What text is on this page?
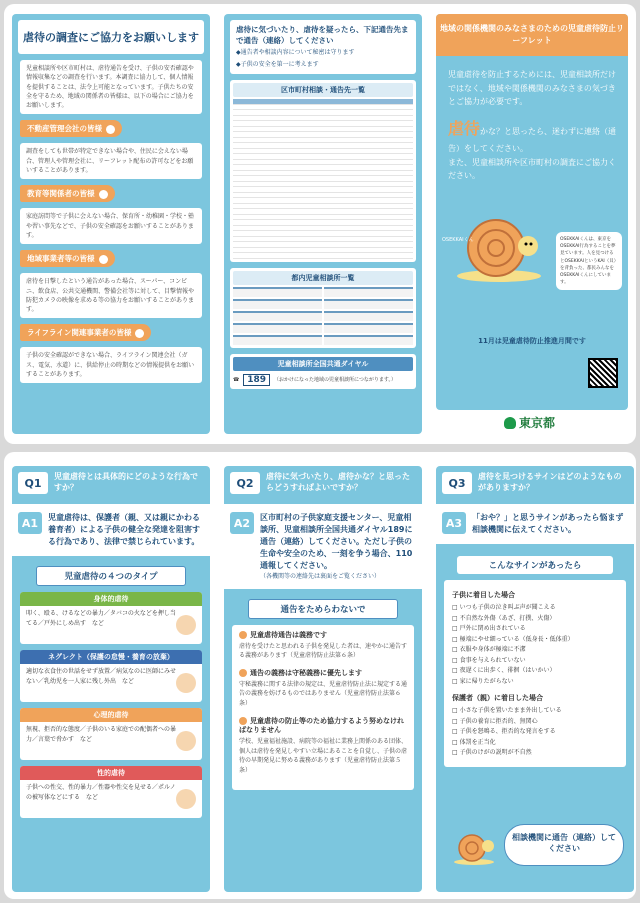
虐待の調査にご協力をお願いします
児童相談所や区市町村は、虐待通告を受け、子供の安否確認や情報収集などの調査を行います。本調査に協力して、個人情報を提供することは、法令上可能となっています。子供たちの安全を守るため、地域の関係者の皆様は、以下の場合にご協力をお願いします。
不動産管理会社の皆様
調査をしても世帯が特定できない場合や、住民に会えない場合、管理人や管理会社に、リーフレット配布の許可などをお願いすることがあります。
教育等関係者の皆様
家庭訪問等で子供に会えない場合、保育所・幼稚園・学校・塾や習い事先などで、子供の安全確認をお願いすることがあります。
地域事業者等の皆様
虐待を日撃したという通告があった場合、スーパー、コンビニ、飲食店、公共交通機関、警備会社等に対して、目撃情報や防犯カメラの映像を求める等の協力をお願いすることがあります。
ライフライン関連事業者の皆様
子供の安全確認ができない場合、ライフライン関連会社（ガス、電気、水道）に、供給停止の時期などの情報提供をお願いすることがあります。
虐待に気づいたり、虐待を疑ったら、下記通告先まで通告（連絡）してください
◆通告者や相談内容について秘密は守ります
◆子供の安全を第一に考えます
区市町村相談・通告先一覧
都内児童相談所一覧
児童相談所全国共通ダイヤル
☎ 189	（おかけになった地域の児童相談所につながります。）
地域の関係機関のみなさまのための児童虐待防止リーフレット
児童虐待を防止するためには、児童相談所だけではなく、地域や関係機関のみなさまの気づきとご協力が必要です。
虐待かな？と思ったら、迷わずに連絡（通告）をしてください。
また、児童相談所や区市町村の調査にご協力ください。
OSEKKAIくん	OSEKKAIくんは、東京をOSEKKAI行為することを夢見ています。人を見つけるとOSEKKAIというKAI（貝）を背負った、都民みんなをOSEKKAIくんにしています。
11月は児童虐待防止推進月間です
東京都
Q1	児童虐待とは具体的にどのような行為ですか？
A1	児童虐待は、保護者（親、又は親にかわる養育者）による子供の健全な発達を阻害する行為であり、法律で禁じられています。
児童虐待の４つのタイプ
身体的虐待
叩く、殴る、けるなどの暴力／タバコの火などを押し当てる／戸外にしめ出す　など
ネグレクト（保護の怠慢・養育の放棄）
適切な衣食住の世話をせず放置／病気なのに医師にみせない／乳幼児を一人家に残し外出　など
心理的虐待
無視、拒否的な態度／子供のいる家庭での配偶者への暴力／言葉で脅かす　など
性的虐待
子供への性交、性的暴力／性器や性交を見せる／ポルノの被写体などにする　など
Q2	虐待に気づいたり、虐待かな？と思ったらどうすればよいですか？
A2	区市町村の子供家庭支援センター、児童相談所、児童相談所全国共通ダイヤル189に通告（連絡）してください。ただし子供の生命や安全のため、一刻を争う場合、110通報してください。
（各機関等の連絡先は裏面をご覧ください）
通告をためらわないで
児童虐待通告は義務です
虐待を受けたと思われる子供を発見した者は、速やかに通告する義務があります（児童虐待防止法第６条）
通告の義務は守秘義務に優先します
守秘義務に関する法律の規定は、児童虐待防止法に規定する通告の義務を妨げるものではありません（児童虐待防止法第６条）
児童虐待の防止等のため協力するよう努めなければなりません
学校、児童福祉施設、病院等の福祉に業務上関係のある団体、個人は虐待を発見しやすい立場にあることを自覚し、子供の虐待の早期発見に努める義務があります（児童虐待防止法第５条）
Q3	虐待を見つけるサインはどのようなものがありますか？
A3	「おや？」と思うサインがあったら悩まず相談機関に伝えてください。
こんなサインがあったら
子供に着目した場合
□ いつも子供の泣き叫ぶ声が聞こえる
□ 不自然な外傷（あざ、打撲、火傷）
□ 戸外に閉め出されている
□ 極端にやせ細っている（低身長・低体重）
□ 衣服や身体が極端に不潔
□ 食事を与えられていない
□ 夜遅くに出歩く、徘徊（はいかい）
□ 家に帰りたがらない
保護者（親）に着目した場合
□ 小さな子供を置いたまま外出している
□ 子供の養育に拒否的、無関心
□ 子供を怒鳴る、拒否的な発言をする
□ 体罰を正当化
□ 子供のけがの説明が不自然
相談機関に通告（連絡）してください
